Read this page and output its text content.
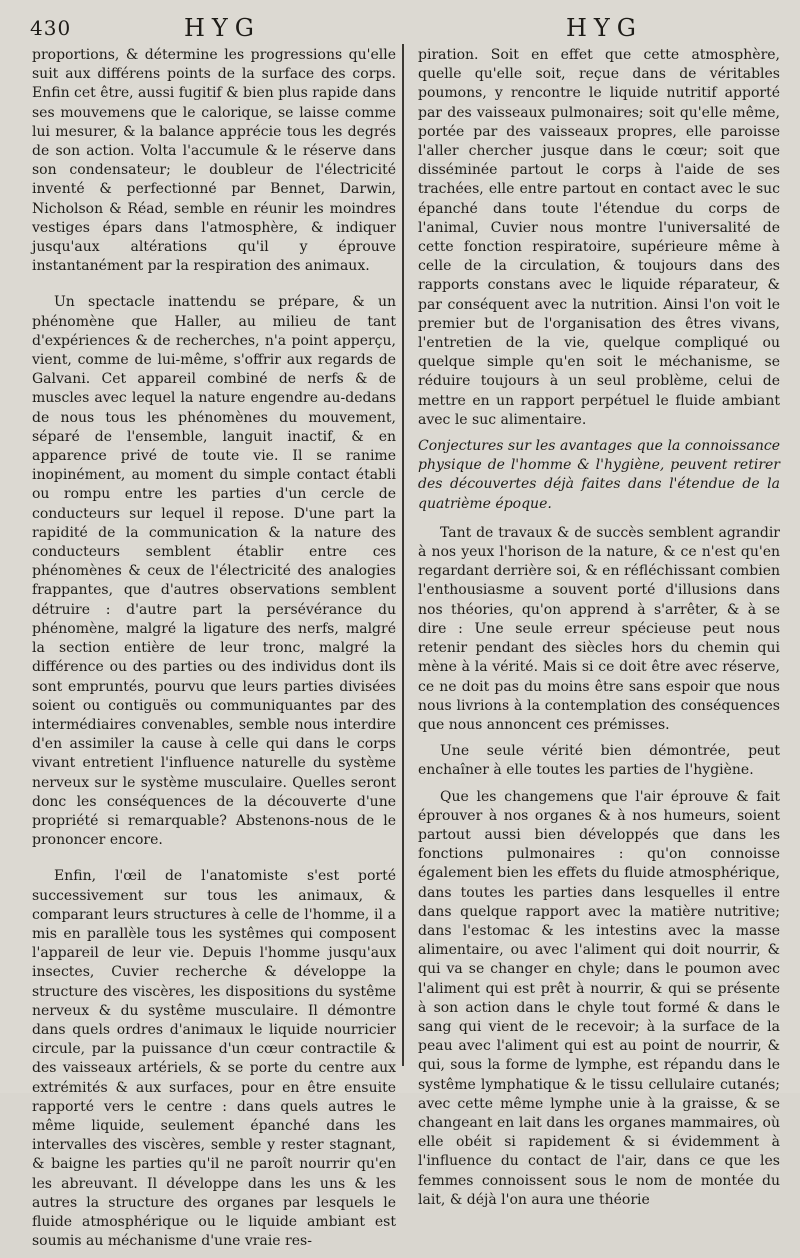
430	HYG	HYG

proportions, & détermine les progressions qu'elle suit aux différens points de la surface des corps. Enfin cet être, aussi fugitif & bien plus rapide dans ses mouvemens que le calorique, se laisse comme lui mesurer, & la balance apprécie tous les degrés de son action. Volta l'accumule & le réserve dans son condensateur; le doubleur de l'électricité inventé & perfectionné par Bennet, Darwin, Nicholson & Réad, semble en réunir les moindres vestiges épars dans l'atmosphère, & indiquer jusqu'aux altérations qu'il y éprouve instantanément par la respiration des animaux.

Un spectacle inattendu se prépare, & un phénomène que Haller, au milieu de tant d'expériences & de recherches, n'a point apperçu, vient, comme de lui-même, s'offrir aux regards de Galvani. Cet appareil combiné de nerfs & de muscles avec lequel la nature engendre au-dedans de nous tous les phénomènes du mouvement, séparé de l'ensemble, languit inactif, & en apparence privé de toute vie. Il se ranime inopinément, au moment du simple contact établi ou rompu entre les parties d'un cercle de conducteurs sur lequel il repose. D'une part la rapidité de la communication & la nature des conducteurs semblent établir entre ces phénomènes & ceux de l'électricité des analogies frappantes, que d'autres observations semblent détruire : d'autre part la persévérance du phénomène, malgré la ligature des nerfs, malgré la section entière de leur tronc, malgré la différence ou des parties ou des individus dont ils sont empruntés, pourvu que leurs parties divisées soient ou contiguës ou communiquantes par des intermédiaires convenables, semble nous interdire d'en assimiler la cause à celle qui dans le corps vivant entretient l'influence naturelle du système nerveux sur le système musculaire. Quelles seront donc les conséquences de la découverte d'une propriété si remarquable? Abstenons-nous de le prononcer encore.

Enfin, l'œil de l'anatomiste s'est porté successivement sur tous les animaux, & comparant leurs structures à celle de l'homme, il a mis en parallèle tous les systêmes qui composent l'appareil de leur vie. Depuis l'homme jusqu'aux insectes, Cuvier recherche & développe la structure des viscères, les dispositions du systême nerveux & du systême musculaire. Il démontre dans quels ordres d'animaux le liquide nourricier circule, par la puissance d'un cœur contractile & des vaisseaux artériels, & se porte du centre aux extrémités & aux surfaces, pour en être ensuite rapporté vers le centre : dans quels autres le même liquide, seulement épanché dans les intervalles des viscères, semble y rester stagnant, & baigne les parties qu'il ne paroît nourrir qu'en les abreuvant. Il développe dans les uns & les autres la structure des organes par lesquels le fluide atmosphérique ou le liquide ambiant est soumis au méchanisme d'une vraie res-

piration. Soit en effet que cette atmosphère, quelle qu'elle soit, reçue dans de véritables poumons, y rencontre le liquide nutritif apporté par des vaisseaux pulmonaires; soit qu'elle même, portée par des vaisseaux propres, elle paroisse l'aller chercher jusque dans le cœur; soit que disséminée partout le corps à l'aide de ses trachées, elle entre partout en contact avec le suc épanché dans toute l'étendue du corps de l'animal, Cuvier nous montre l'universalité de cette fonction respiratoire, supérieure même à celle de la circulation, & toujours dans des rapports constans avec le liquide réparateur, & par conséquent avec la nutrition. Ainsi l'on voit le premier but de l'organisation des êtres vivans, l'entretien de la vie, quelque compliqué ou quelque simple qu'en soit le méchanisme, se réduire toujours à un seul problème, celui de mettre en un rapport perpétuel le fluide ambiant avec le suc alimentaire.

Conjectures sur les avantages que la connoissance physique de l'homme & l'hygiène, peuvent retirer des découvertes déjà faites dans l'étendue de la quatrième époque.

Tant de travaux & de succès semblent agrandir à nos yeux l'horison de la nature, & ce n'est qu'en regardant derrière soi, & en réfléchissant combien l'enthousiasme a souvent porté d'illusions dans nos théories, qu'on apprend à s'arrêter, & à se dire : Une seule erreur spécieuse peut nous retenir pendant des siècles hors du chemin qui mène à la vérité. Mais si ce doit être avec réserve, ce ne doit pas du moins être sans espoir que nous nous livrions à la contemplation des conséquences que nous annoncent ces prémisses.

Une seule vérité bien démontrée, peut enchaîner à elle toutes les parties de l'hygiène.

Que les changemens que l'air éprouve & fait éprouver à nos organes & à nos humeurs, soient partout aussi bien développés que dans les fonctions pulmonaires : qu'on connoisse également bien les effets du fluide atmosphérique, dans toutes les parties dans lesquelles il entre dans quelque rapport avec la matière nutritive; dans l'estomac & les intestins avec la masse alimentaire, ou avec l'aliment qui doit nourrir, & qui va se changer en chyle; dans le poumon avec l'aliment qui est prêt à nourrir, & qui se présente à son action dans le chyle tout formé & dans le sang qui vient de le recevoir; à la surface de la peau avec l'aliment qui est au point de nourrir, & qui, sous la forme de lymphe, est répandu dans le systême lymphatique & le tissu cellulaire cutanés; avec cette même lymphe unie à la graisse, & se changeant en lait dans les organes mammaires, où elle obéit si rapidement & si évidemment à l'influence du contact de l'air, dans ce que les femmes connoissent sous le nom de montée du lait, & déjà l'on aura une théorie
